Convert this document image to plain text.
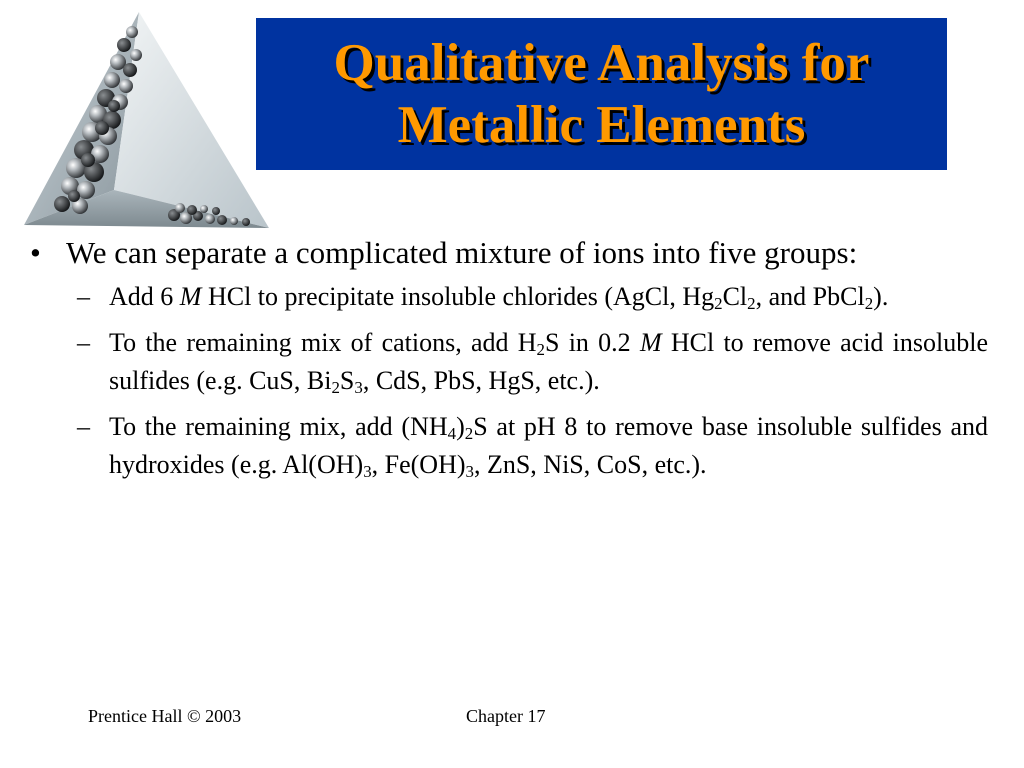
Qualitative Analysis for
Metallic Elements
• We can separate a complicated mixture of ions into five groups:
– Add 6 M HCl to precipitate insoluble chlorides (AgCl, $Hg_2Cl_2$, and PbCl$_2$).
– To the remaining mix of cations, add $H_2S$ in 0.2 M HCl to remove acid insoluble sulfides (e.g. CuS, $Bi_2S_3$, CdS, PbS, HgS, etc.).
– To the remaining mix, add $(NH_4)_2S$ at pH 8 to remove base insoluble sulfides and hydroxides (e.g. $Al(OH)_3$, $Fe(OH)_3$, ZnS, NiS, CoS, etc.).
Prentice Hall © 2003	Chapter 17
